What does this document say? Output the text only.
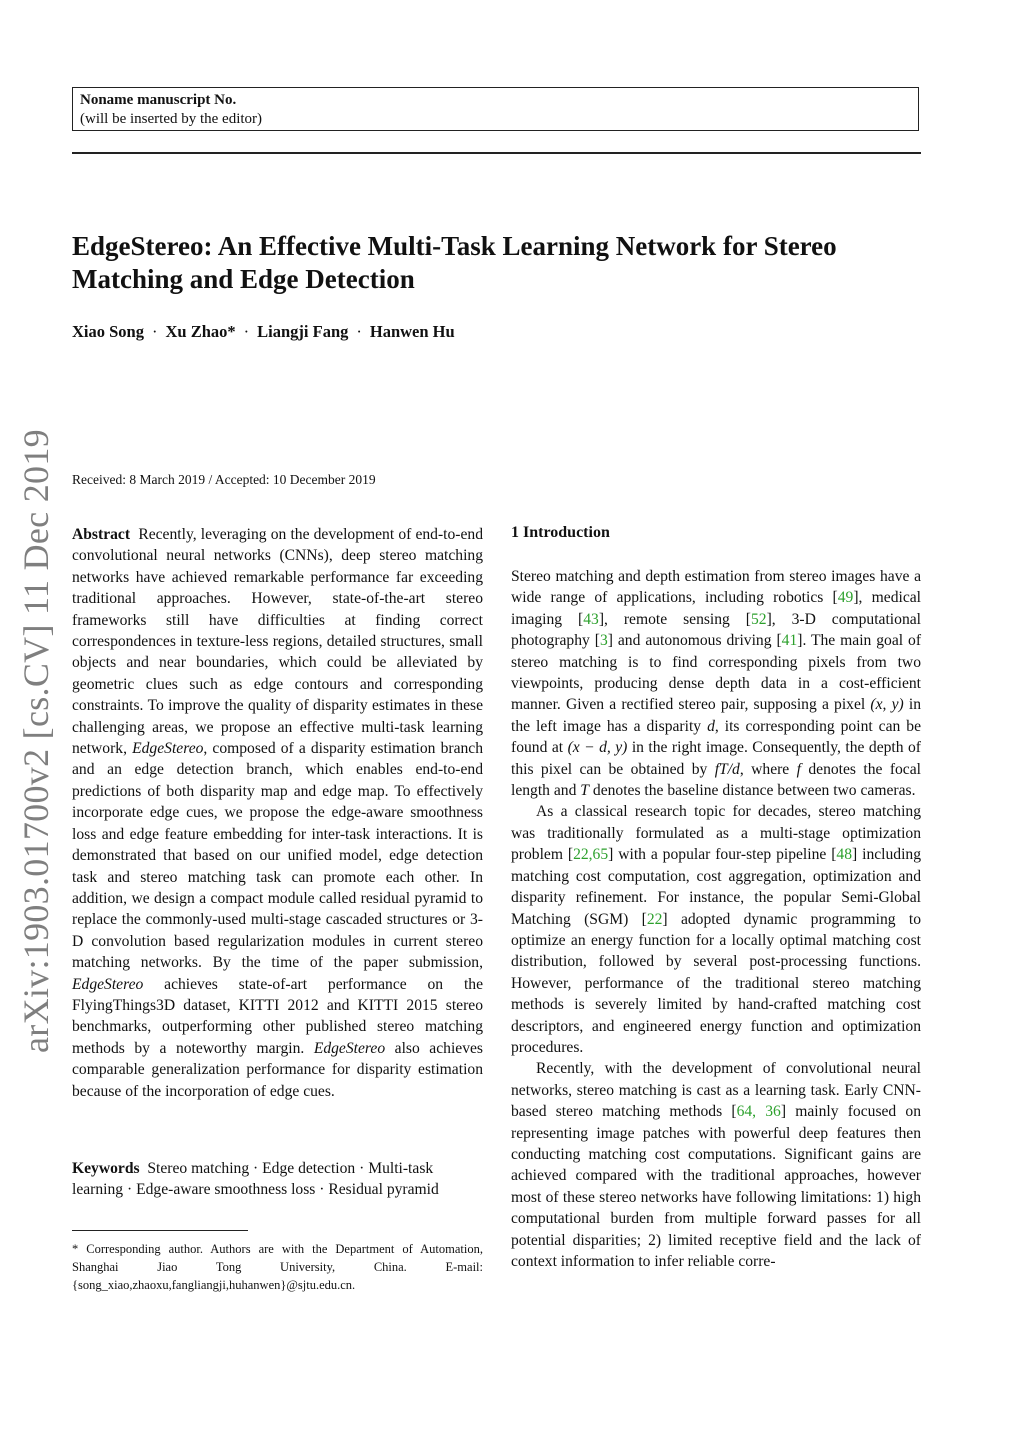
Noname manuscript No.
(will be inserted by the editor)
EdgeStereo: An Effective Multi-Task Learning Network for Stereo Matching and Edge Detection
Xiao Song · Xu Zhao* · Liangji Fang · Hanwen Hu
arXiv:1903.01700v2 [cs.CV] 11 Dec 2019 Received: 8 March 2019 / Accepted: 10 December 2019

Abstract Recently, leveraging on the development of end-to-end convolutional neural networks (CNNs), deep stereo matching networks have achieved remarkable performance far exceeding traditional approaches. However, state-of-the-art stereo frameworks still have difficulties at finding correct correspondences in texture-less regions, detailed structures, small objects and near boundaries, which could be alleviated by geometric clues such as edge contours and corresponding constraints. To improve the quality of disparity estimates in these challenging areas, we propose an effective multi-task learning network, EdgeStereo, composed of a disparity estimation branch and an edge detection branch, which enables end-to-end predictions of both disparity map and edge map. To effectively incorporate edge cues, we propose the edge-aware smoothness loss and edge feature embedding for inter-task interactions. It is demonstrated that based on our unified model, edge detection task and stereo matching task can promote each other. In addition, we design a compact module called residual pyramid to replace the commonly-used multi-stage cascaded structures or 3-D convolution based regularization modules in current stereo matching networks. By the time of the paper submission, EdgeStereo achieves state-of-art performance on the FlyingThings3D dataset, KITTI 2012 and KITTI 2015 stereo benchmarks, outperforming other published stereo matching methods by a noteworthy margin. EdgeStereo also achieves comparable generalization performance for disparity estimation because of the incorporation of edge cues.

Keywords Stereo matching · Edge detection · Multi-task learning · Edge-aware smoothness loss · Residual pyramid
* Corresponding author. Authors are with the Department of Automation, Shanghai Jiao Tong University, China. E-mail: {song_xiao,zhaoxu,fangliangji,huhanwen}@sjtu.edu.cn.
1 Introduction

Stereo matching and depth estimation from stereo images have a wide range of applications, including robotics [49], medical imaging [43], remote sensing [52], 3-D computational photography [3] and autonomous driving [41]. The main goal of stereo matching is to find corresponding pixels from two viewpoints, producing dense depth data in a cost-efficient manner. Given a rectified stereo pair, supposing a pixel (x, y) in the left image has a disparity d, its corresponding point can be found at (x − d, y) in the right image. Consequently, the depth of this pixel can be obtained by fT/d, where f denotes the focal length and T denotes the baseline distance between two cameras.

As a classical research topic for decades, stereo matching was traditionally formulated as a multi-stage optimization problem [22,65] with a popular four-step pipeline [48] including matching cost computation, cost aggregation, optimization and disparity refinement. For instance, the popular Semi-Global Matching (SGM) [22] adopted dynamic programming to optimize an energy function for a locally optimal matching cost distribution, followed by several post-processing functions. However, performance of the traditional stereo matching methods is severely limited by hand-crafted matching cost descriptors, and engineered energy function and optimization procedures.

Recently, with the development of convolutional neural networks, stereo matching is cast as a learning task. Early CNN-based stereo matching methods [64, 36] mainly focused on representing image patches with powerful deep features then conducting matching cost computations. Significant gains are achieved compared with the traditional approaches, however most of these stereo networks have following limitations: 1) high computational burden from multiple forward passes for all potential disparities; 2) limited receptive field and the lack of context information to infer reliable corre-
